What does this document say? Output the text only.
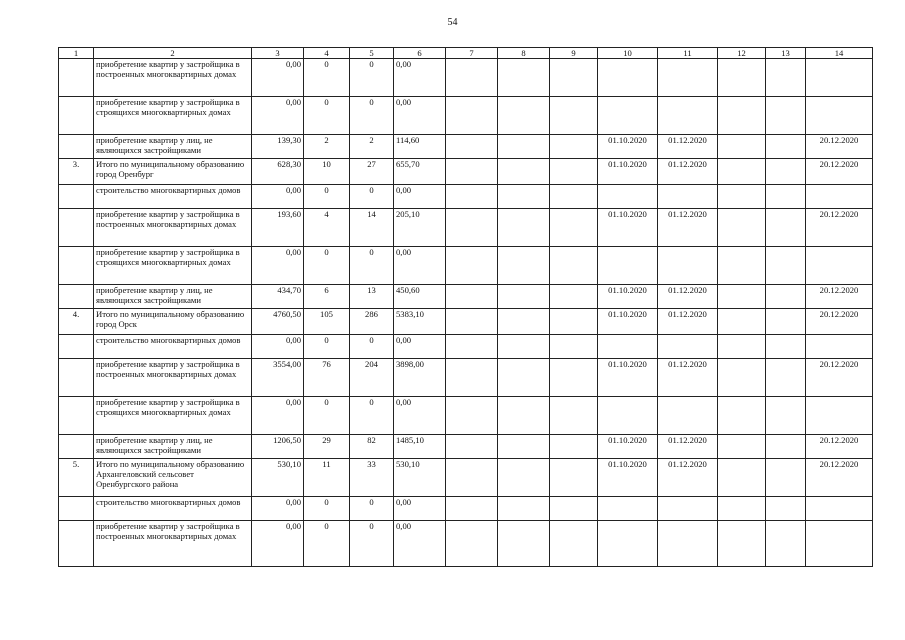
54
1	2	3	4	5	6	7	8	9	10	11	12	13	14
	приобретение квартир у застройщика в построенных многоквартирных домах	0,00	0	0	0,00								
	приобретение квартир у застройщика в строящихся многоквартирных домах	0,00	0	0	0,00								
	приобретение квартир у лиц, не являющихся застройщиками	139,30	2	2	114,60				01.10.2020	01.12.2020			20.12.2020
3.	Итого по муниципальному образованию город Оренбург	628,30	10	27	655,70				01.10.2020	01.12.2020			20.12.2020
	строительство многоквартирных домов	0,00	0	0	0,00								
	приобретение квартир у застройщика в построенных многоквартирных домах	193,60	4	14	205,10				01.10.2020	01.12.2020			20.12.2020
	приобретение квартир у застройщика в строящихся многоквартирных домах	0,00	0	0	0,00								
	приобретение квартир у лиц, не являющихся застройщиками	434,70	6	13	450,60				01.10.2020	01.12.2020			20.12.2020
4.	Итого по муниципальному образованию город Орск	4760,50	105	286	5383,10				01.10.2020	01.12.2020			20.12.2020
	строительство многоквартирных домов	0,00	0	0	0,00								
	приобретение квартир у застройщика в построенных многоквартирных домах	3554,00	76	204	3898,00				01.10.2020	01.12.2020			20.12.2020
	приобретение квартир у застройщика в строящихся многоквартирных домах	0,00	0	0	0,00								
	приобретение квартир у лиц, не являющихся застройщиками	1206,50	29	82	1485,10				01.10.2020	01.12.2020			20.12.2020
5.	Итого по муниципальному образованию Архангеловский сельсовет Оренбургского района	530,10	11	33	530,10				01.10.2020	01.12.2020			20.12.2020
	строительство многоквартирных домов	0,00	0	0	0,00								
	приобретение квартир у застройщика в построенных многоквартирных домах	0,00	0	0	0,00								
